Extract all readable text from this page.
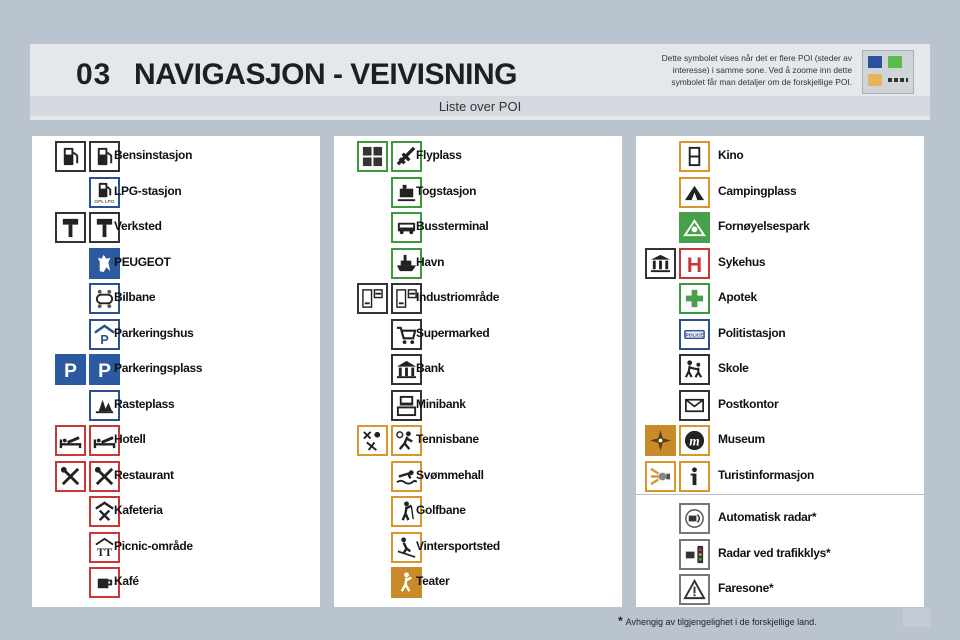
03 NAVIGASJON - VEIVISNING
Liste over POI
Dette symbolet vises når det er flere POI (steder av interesse) i samme sone. Ved å zoome inn dette symbolet får man detaljer om de forskjellige POI.
Bensinstasjon
GPL LPG
LPG-stasjon
Verksted
PEUGEOT
Bilbane
P
Parkeringshus
P P Parkeringsplass
Rasteplass
Hotell
Restaurant
Kafeteria
TT
Picnic-område
Kafé
Flyplass
Togstasjon
Bussterminal
Havn
Industriområde
Supermarked
Bank
Minibank
Tennisbane
Svømmehall
Golfbane
Vintersportsted
Teater
Kino
Campingplass
Fornøyelsespark
H Sykehus
Apotek
POLICE Politistasjon
Skole
Postkontor
m Museum
Turistinformasjon
Automatisk radar*
Radar ved trafikklys*
Faresone*
* Avhengig av tilgjengelighet i de forskjellige land.
